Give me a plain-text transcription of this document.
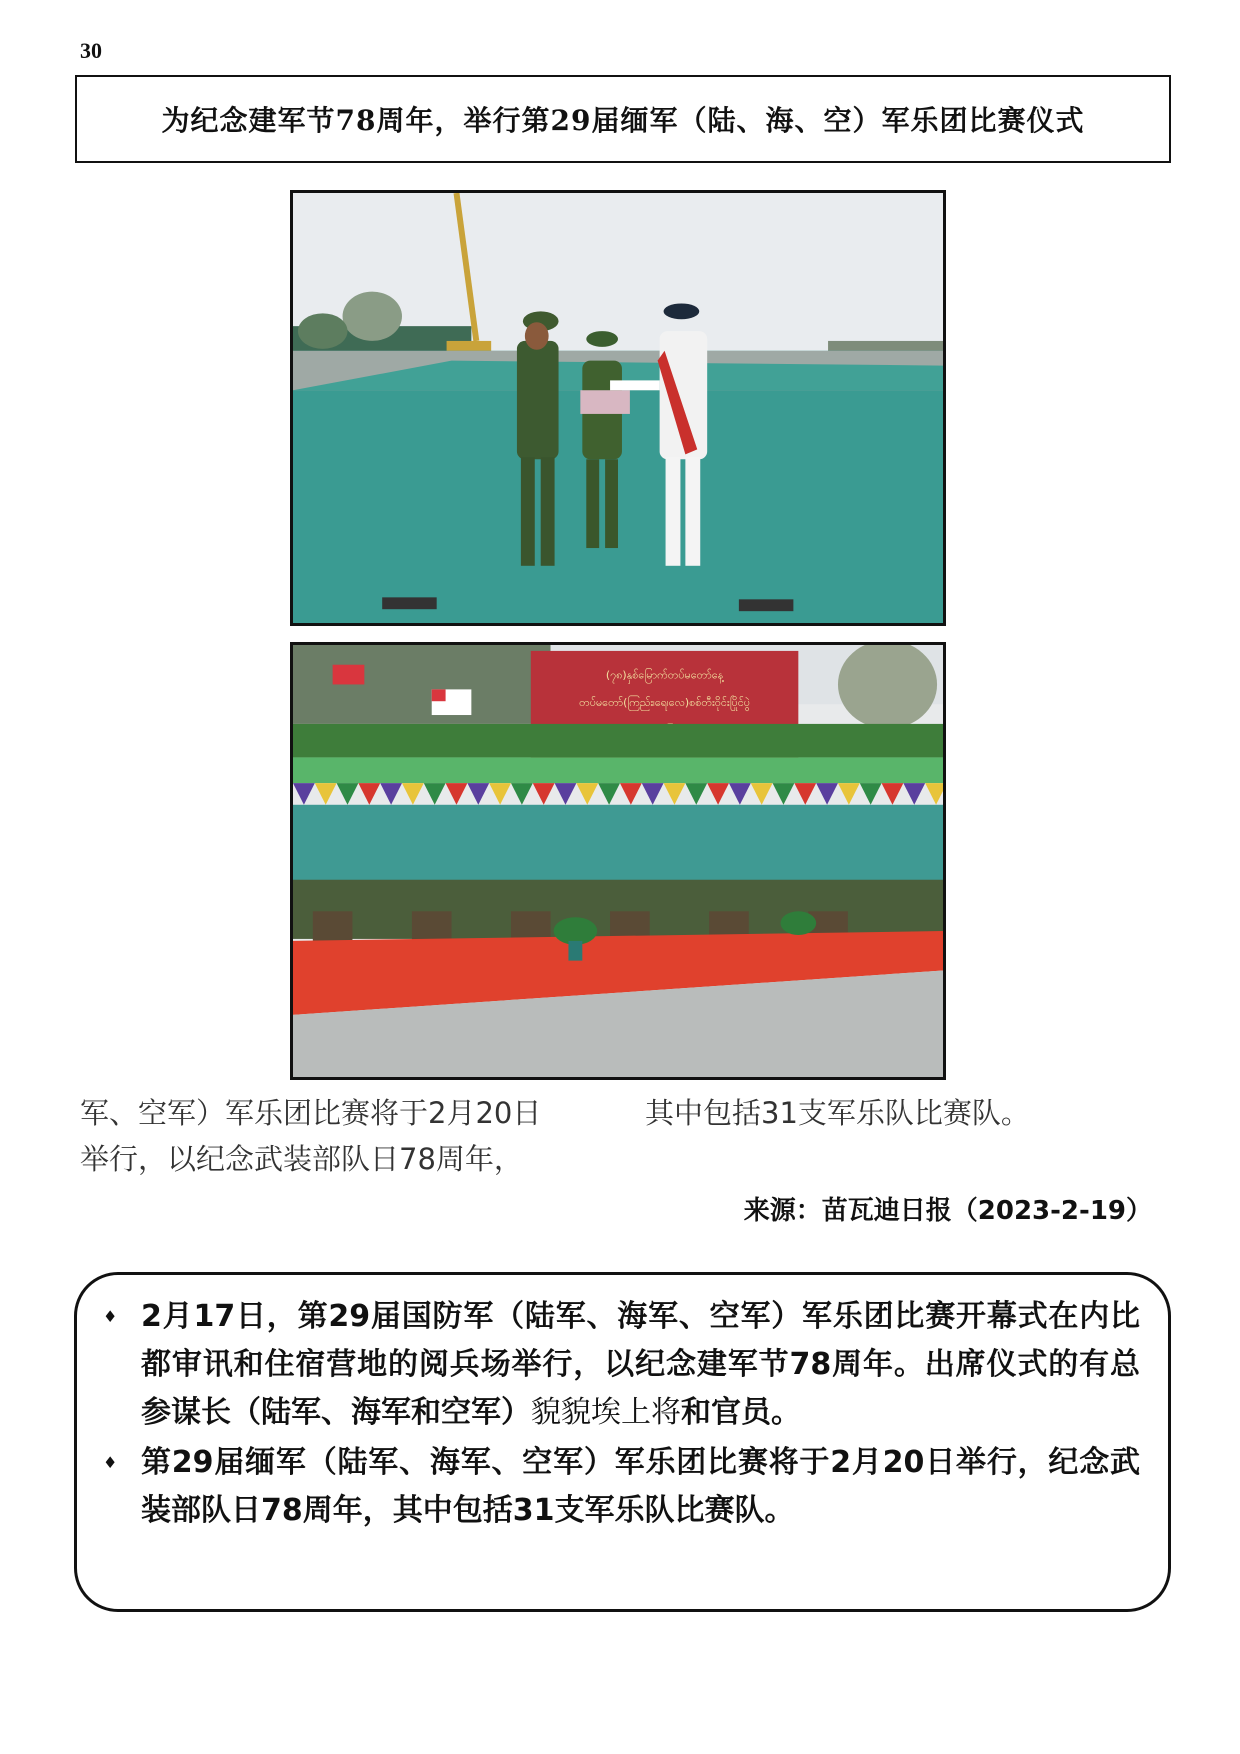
30
为纪念建军节78周年，举行第29届缅军（陆、海、空）军乐团比赛仪式
(၇၈)နှစ်မြောက်တပ်မတော်နေ့
တပ်မတော်(ကြည်း၊ရေ၊လေ)စစ်တီးဝိုင်းပြိုင်ပွဲ
军、空军）军乐团比赛将于2月20日
举行，以纪念武装部队日78周年，
其中包括31支军乐队比赛队。
来源：苗瓦迪日报（2023-2-19）
♦ 2月17日，第29届国防军（陆军、海军、空军）军乐团比赛开幕式在内比都审讯和住宿营地的阅兵场举行，以纪念建军节78周年。出席仪式的有总参谋长（陆军、海军和空军）貌貌埃上将和官员。
♦ 第29届缅军（陆军、海军、空军）军乐团比赛将于2月20日举行，纪念武装部队日78周年，其中包括31支军乐队比赛队。
